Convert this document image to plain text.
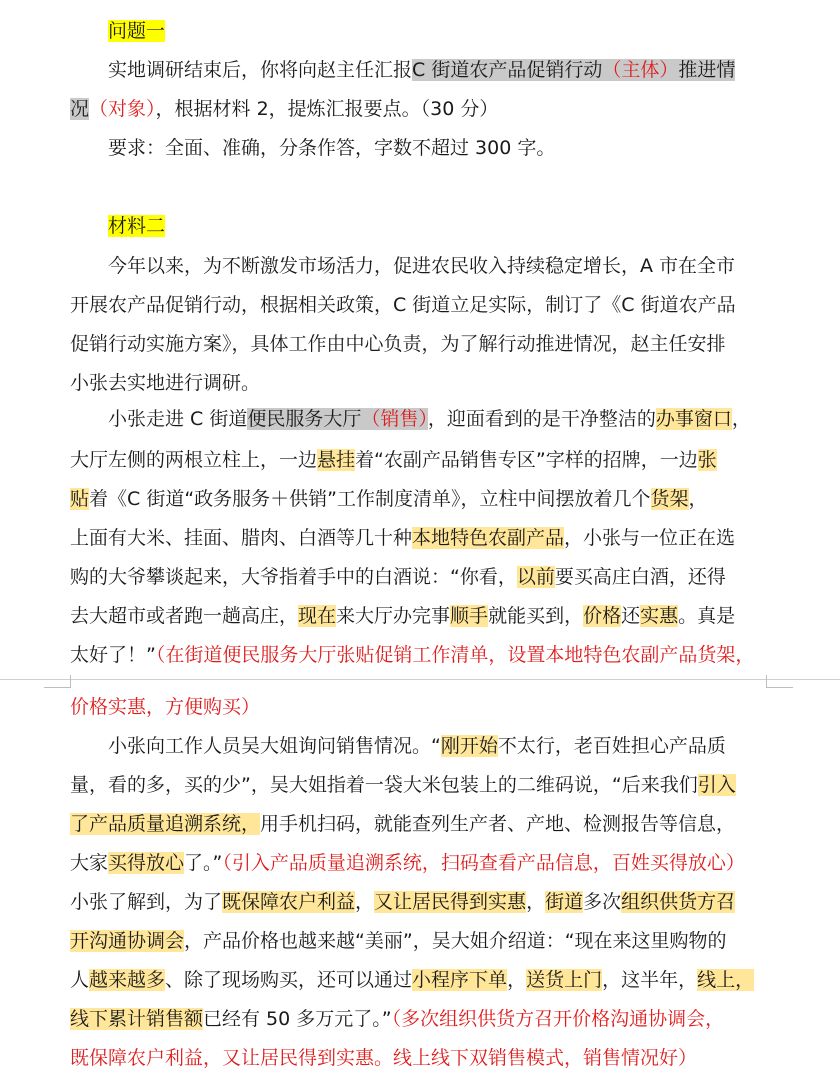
问题一
实地调研结束后，你将向赵主任汇报C 街道农产品促销行动（主体）推进情
况（对象），根据材料 2，提炼汇报要点。（30 分）
要求：全面、准确，分条作答，字数不超过 300 字。
材料二
今年以来，为不断激发市场活力，促进农民收入持续稳定增长，A 市在全市
开展农产品促销行动，根据相关政策，C 街道立足实际，制订了《C 街道农产品
促销行动实施方案》，具体工作由中心负责，为了解行动推进情况，赵主任安排
小张去实地进行调研。
小张走进 C 街道便民服务大厅（销售），迎面看到的是干净整洁的办事窗口，
大厅左侧的两根立柱上，一边悬挂着“农副产品销售专区”字样的招牌，一边张
贴着《C 街道“政务服务＋供销”工作制度清单》，立柱中间摆放着几个货架，
上面有大米、挂面、腊肉、白酒等几十种本地特色农副产品，小张与一位正在选
购的大爷攀谈起来，大爷指着手中的白酒说：“你看，以前要买高庄白酒，还得
去大超市或者跑一趟高庄，现在来大厅办完事顺手就能买到，价格还实惠。真是
太好了！”（在街道便民服务大厅张贴促销工作清单，设置本地特色农副产品货架，
价格实惠，方便购买）
小张向工作人员吴大姐询问销售情况。“刚开始不太行，老百姓担心产品质
量，看的多，买的少”，吴大姐指着一袋大米包装上的二维码说，“后来我们引入
了产品质量追溯系统，用手机扫码，就能查列生产者、产地、检测报告等信息，
大家买得放心了。”（引入产品质量追溯系统，扫码查看产品信息，百姓买得放心）
小张了解到，为了既保障农户利益，又让居民得到实惠，街道多次组织供货方召
开沟通协调会，产品价格也越来越“美丽”，吴大姐介绍道：“现在来这里购物的
人越来越多、除了现场购买，还可以通过小程序下单，送货上门，这半年，线上，
线下累计销售额已经有 50 多万元了。”（多次组织供货方召开价格沟通协调会，
既保障农户利益，又让居民得到实惠。线上线下双销售模式，销售情况好）
